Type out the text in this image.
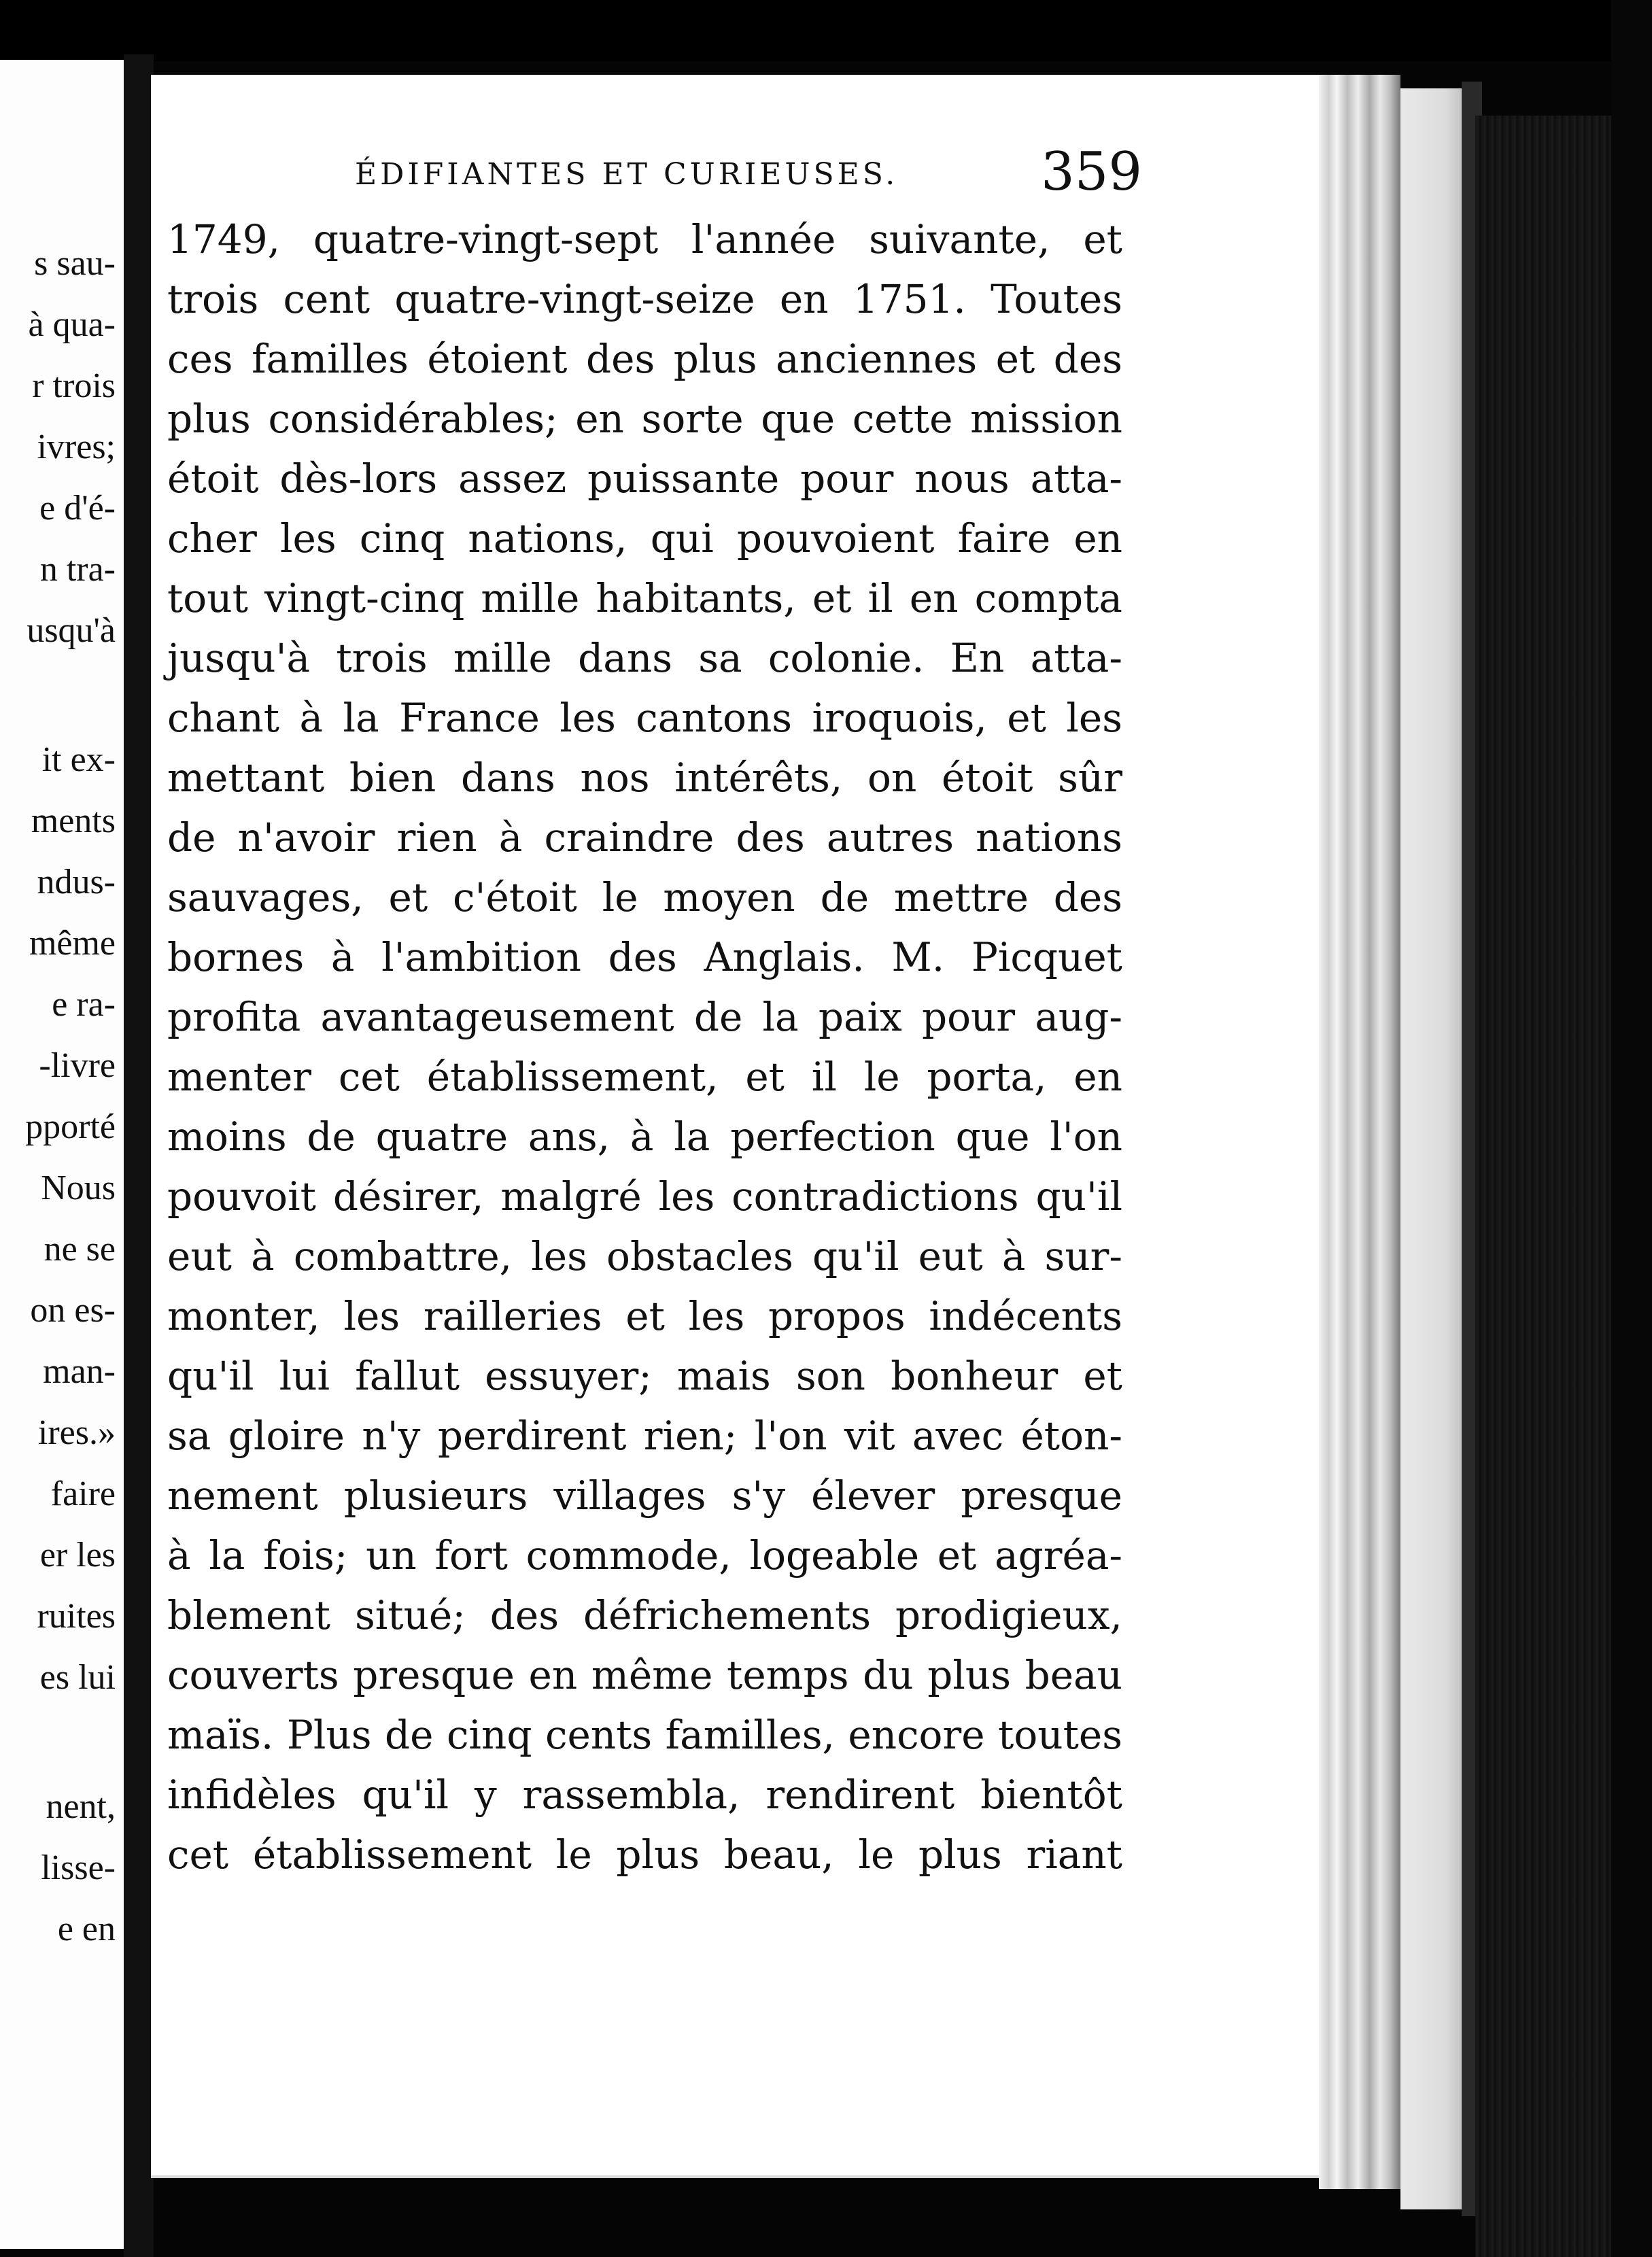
s sau-
à qua-
r trois
ivres;
e d'é-
n tra-
usqu'à
it ex-
ments
ndus-
même
e ra-
-livre
pporté
Nous
ne se
on es-
man-
ires.»
faire
er les
ruites
es lui
nent,
lisse-
e en
ÉDIFIANTES ET CURIEUSES.	359
1749, quatre-vingt-sept l'année suivante, et
trois cent quatre-vingt-seize en 1751. Toutes
ces familles étoient des plus anciennes et des
plus considérables; en sorte que cette mission
étoit dès-lors assez puissante pour nous atta-
cher les cinq nations, qui pouvoient faire en
tout vingt-cinq mille habitants, et il en compta
jusqu'à trois mille dans sa colonie. En atta-
chant à la France les cantons iroquois, et les
mettant bien dans nos intérêts, on étoit sûr
de n'avoir rien à craindre des autres nations
sauvages, et c'étoit le moyen de mettre des
bornes à l'ambition des Anglais. M. Picquet
profita avantageusement de la paix pour aug-
menter cet établissement, et il le porta, en
moins de quatre ans, à la perfection que l'on
pouvoit désirer, malgré les contradictions qu'il
eut à combattre, les obstacles qu'il eut à sur-
monter, les railleries et les propos indécents
qu'il lui fallut essuyer; mais son bonheur et
sa gloire n'y perdirent rien; l'on vit avec éton-
nement plusieurs villages s'y élever presque
à la fois; un fort commode, logeable et agréa-
blement situé; des défrichements prodigieux,
couverts presque en même temps du plus beau
maïs. Plus de cinq cents familles, encore toutes
infidèles qu'il y rassembla, rendirent bientôt
cet établissement le plus beau, le plus riant
